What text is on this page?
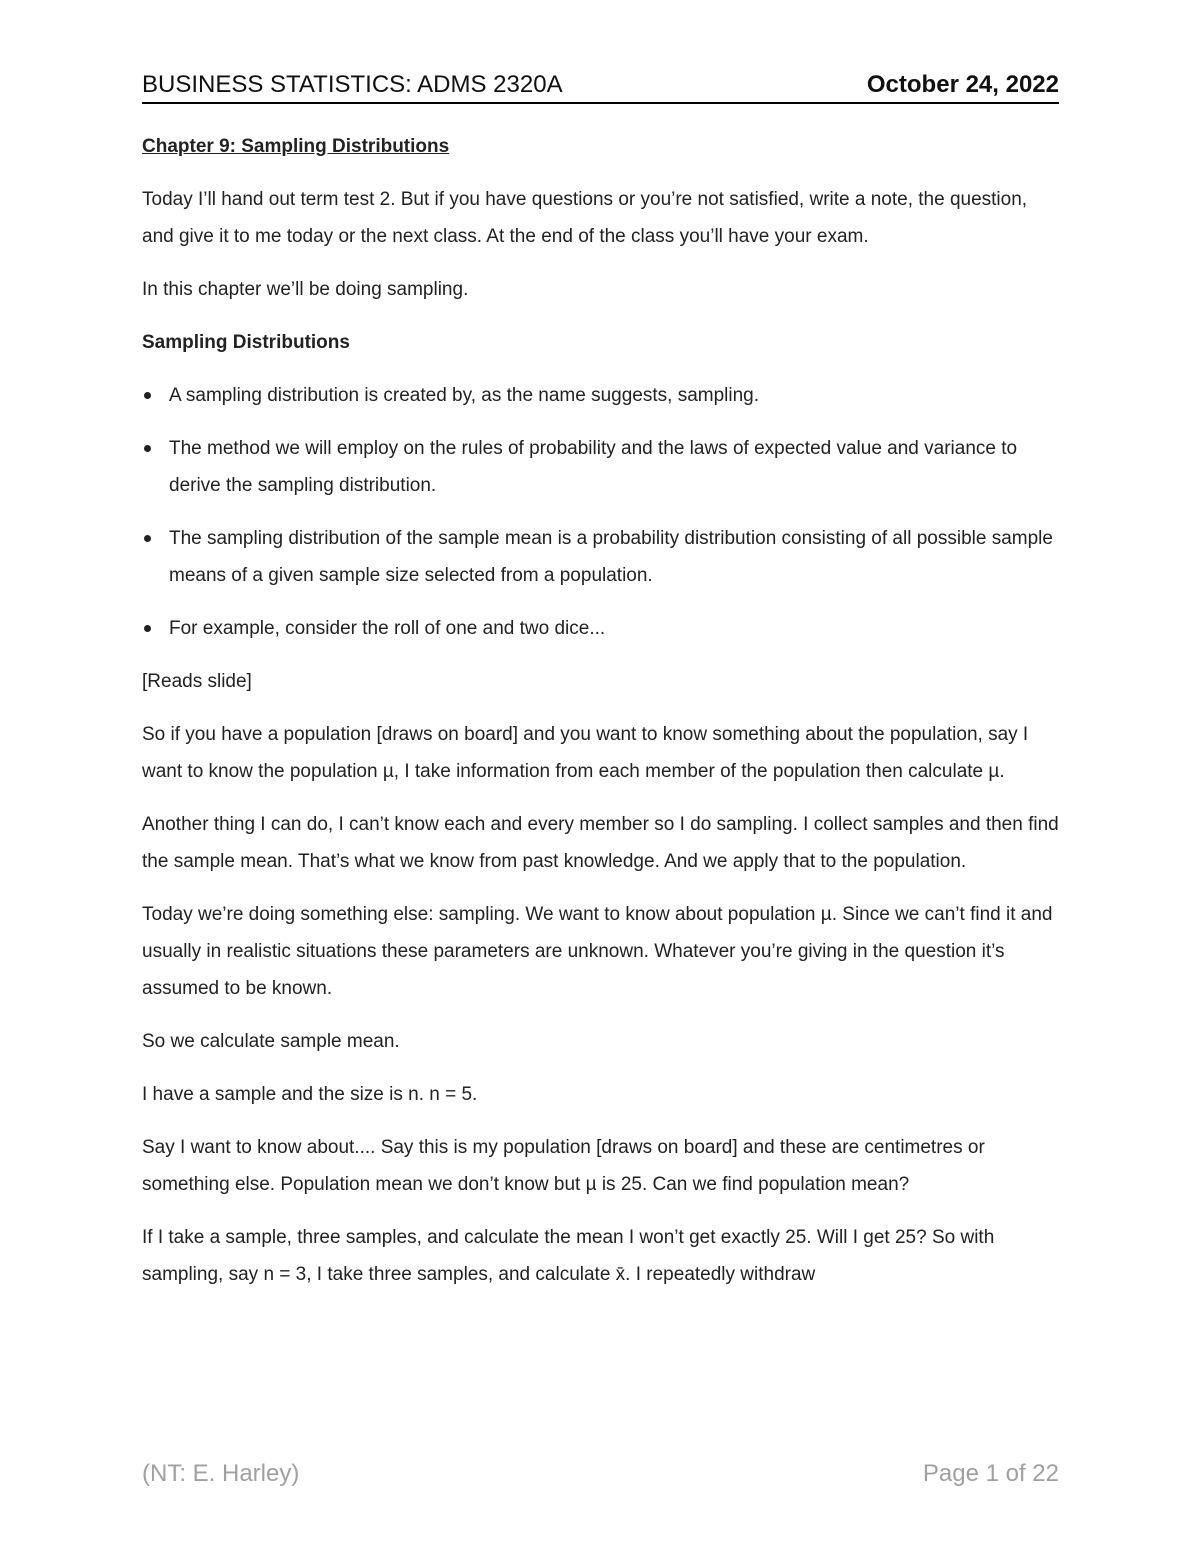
BUSINESS STATISTICS: ADMS 2320A	October 24, 2022

Chapter 9: Sampling Distributions

Today I’ll hand out term test 2. But if you have questions or you’re not satisfied, write a note, the question, and give it to me today or the next class. At the end of the class you’ll have your exam.

In this chapter we’ll be doing sampling.

Sampling Distributions

A sampling distribution is created by, as the name suggests, sampling.
The method we will employ on the rules of probability and the laws of expected value and variance to derive the sampling distribution.
The sampling distribution of the sample mean is a probability distribution consisting of all possible sample means of a given sample size selected from a population.
For example, consider the roll of one and two dice...

[Reads slide]

So if you have a population [draws on board] and you want to know something about the population, say I want to know the population µ, I take information from each member of the population then calculate µ.

Another thing I can do, I can’t know each and every member so I do sampling. I collect samples and then find the sample mean. That’s what we know from past knowledge. And we apply that to the population.

Today we’re doing something else: sampling. We want to know about population µ. Since we can’t find it and usually in realistic situations these parameters are unknown. Whatever you’re giving in the question it’s assumed to be known.

So we calculate sample mean.

I have a sample and the size is n. n = 5.

Say I want to know about.... Say this is my population [draws on board] and these are centimetres or something else. Population mean we don’t know but µ is 25. Can we find population mean?

If I take a sample, three samples, and calculate the mean I won’t get exactly 25. Will I get 25? So with sampling, say n = 3, I take three samples, and calculate x̄. I repeatedly withdraw

(NT: E. Harley)	Page 1 of 22
